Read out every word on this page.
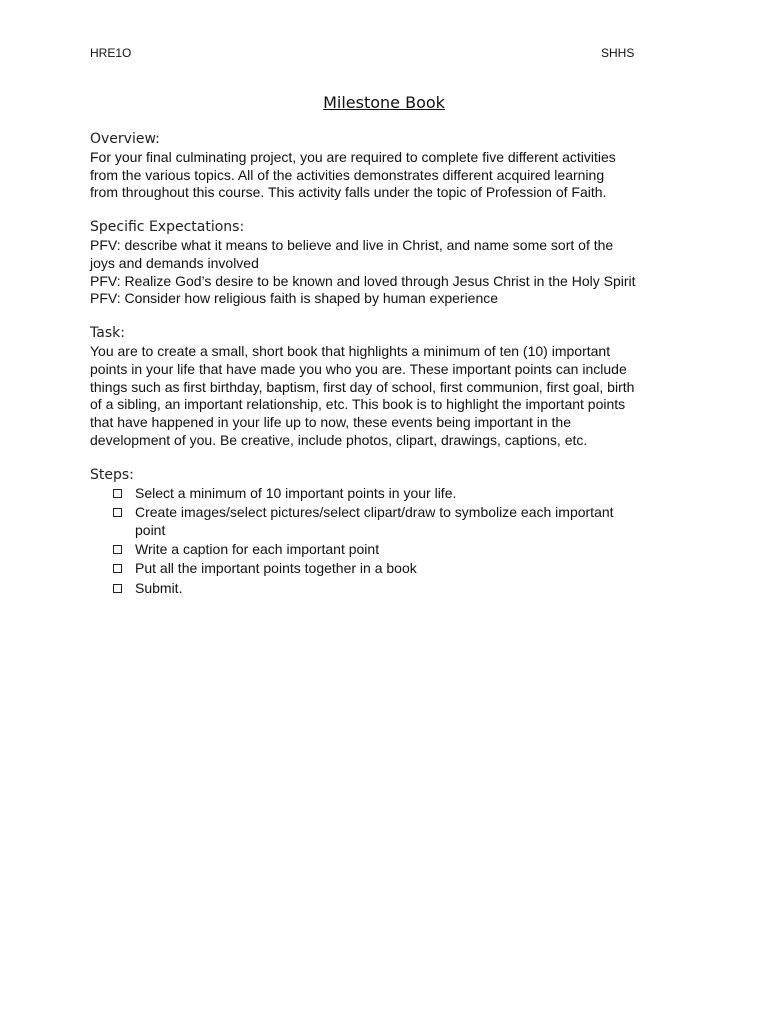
HRE1O	SHHS
Milestone Book
Overview:
For your final culminating project, you are required to complete five different activities
from the various topics. All of the activities demonstrates different acquired learning
from throughout this course. This activity falls under the topic of Profession of Faith.
Specific Expectations:
PFV: describe what it means to believe and live in Christ, and name some sort of the
joys and demands involved
PFV: Realize God’s desire to be known and loved through Jesus Christ in the Holy Spirit
PFV: Consider how religious faith is shaped by human experience
Task:
You are to create a small, short book that highlights a minimum of ten (10) important
points in your life that have made you who you are. These important points can include
things such as first birthday, baptism, first day of school, first communion, first goal, birth
of a sibling, an important relationship, etc. This book is to highlight the important points
that have happened in your life up to now, these events being important in the
development of you. Be creative, include photos, clipart, drawings, captions, etc.
Steps:
Select a minimum of 10 important points in your life.
Create images/select pictures/select clipart/draw to symbolize each important
point
Write a caption for each important point
Put all the important points together in a book
Submit.
